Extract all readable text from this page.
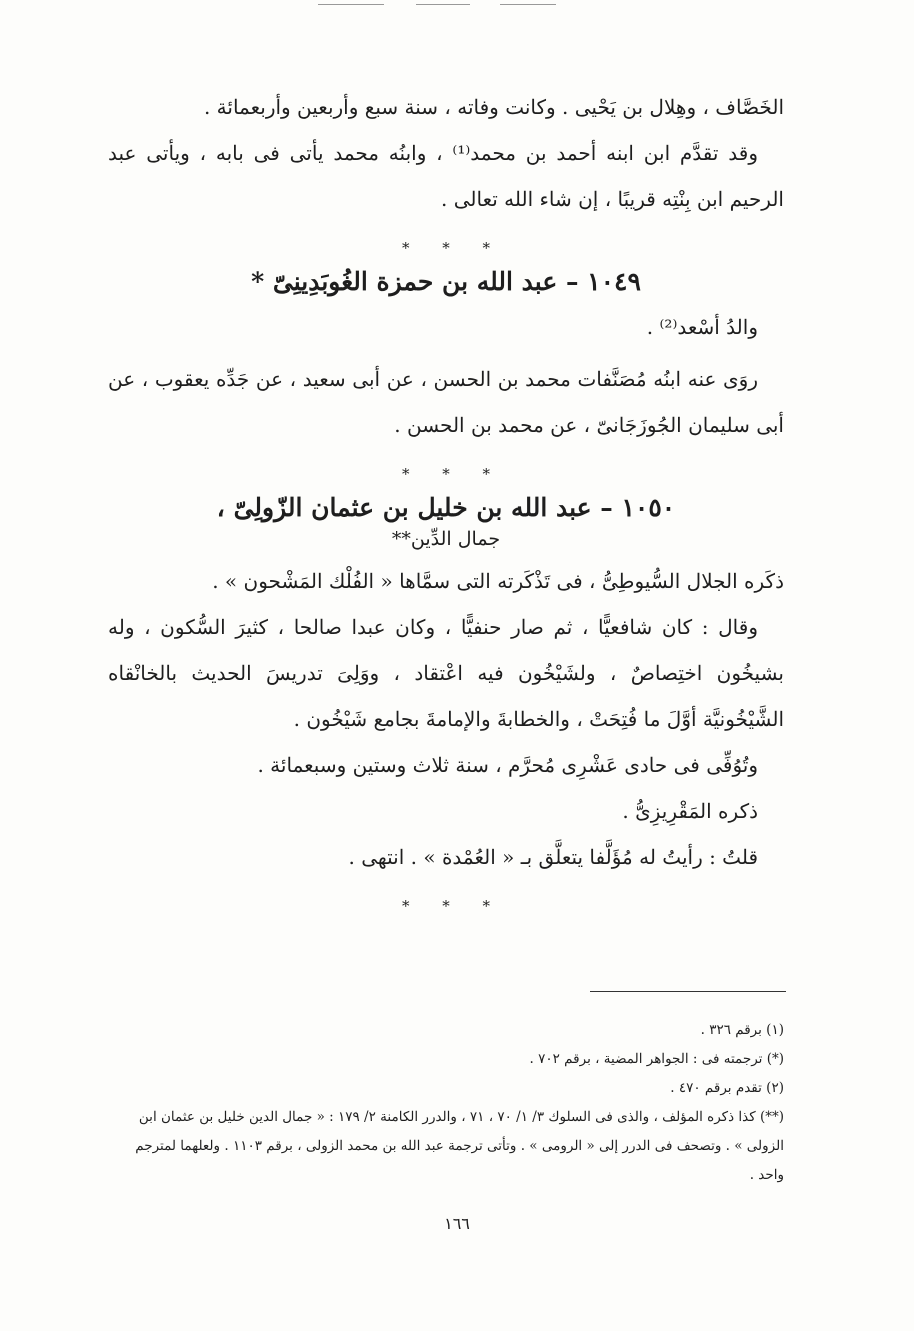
الخَصَّاف ، وهِلال بن يَحْيى . وكانت وفاته ، سنة سبع وأربعين وأربعمائة .

وقد تقدَّم ابن ابنه أحمد بن محمد⁽¹⁾ ، وابنُه محمد يأتى فى بابه ، ويأتى عبد الرحيم ابن بِنْتِه قريبًا ، إن شاء الله تعالى .

* * *

١٠٤٩ – عبد الله بن حمزة الغُوبَدِينِىّ *

والدُ أسْعد⁽²⁾ .

روَى عنه ابنُه مُصَنَّفات محمد بن الحسن ، عن أبى سعيد ، عن جَدِّه يعقوب ، عن أبى سليمان الجُوزَجَانىّ ، عن محمد بن الحسن .

* * *

١٠٥٠ – عبد الله بن خليل بن عثمان الزّولِىّ ،

جمال الدِّين**

ذكَره الجلال السُّيوطِىُّ ، فى تَذْكَرته التى سمَّاها « الفُلْك المَشْحون » .

وقال : كان شافعيًّا ، ثم صار حنفيًّا ، وكان عبدا صالحا ، كثيرَ السُّكون ، وله بشيخُون اختِصاصٌ ، ولشَيْخُون فيه اعْتقاد ، ووَلِىَ تدريسَ الحديث بالخانْقاه الشَّيْخُونيَّة أوَّلَ ما فُتِحَتْ ، والخطابةَ والإمامةَ بجامع شَيْخُون .

وتُوُفِّى فى حادى عَشْرِى مُحرَّم ، سنة ثلاث وستين وسبعمائة .

ذكره المَقْرِيزِىُّ .

قلتُ : رأيتُ له مُؤَلَّفا يتعلَّق بـ « العُمْدة » . انتهى .

* * *

(١) برقم ٣٢٦ .

(*) ترجمته فى : الجواهر المضية ، برقم ٧٠٢ .

(٢) تقدم برقم ٤٧٠ .

(**) كذا ذكره المؤلف ، والذى فى السلوك ٣/ ١/ ٧٠ ، ٧١ ، والدرر الكامنة ٢/ ١٧٩ : « جمال الدين خليل بن عثمان ابن الزولى » . وتصحف فى الدرر إلى « الرومى » . وتأتى ترجمة عبد الله بن محمد الزولى ، برقم ١١٠٣ . ولعلهما لمترجم واحد .

١٦٦
